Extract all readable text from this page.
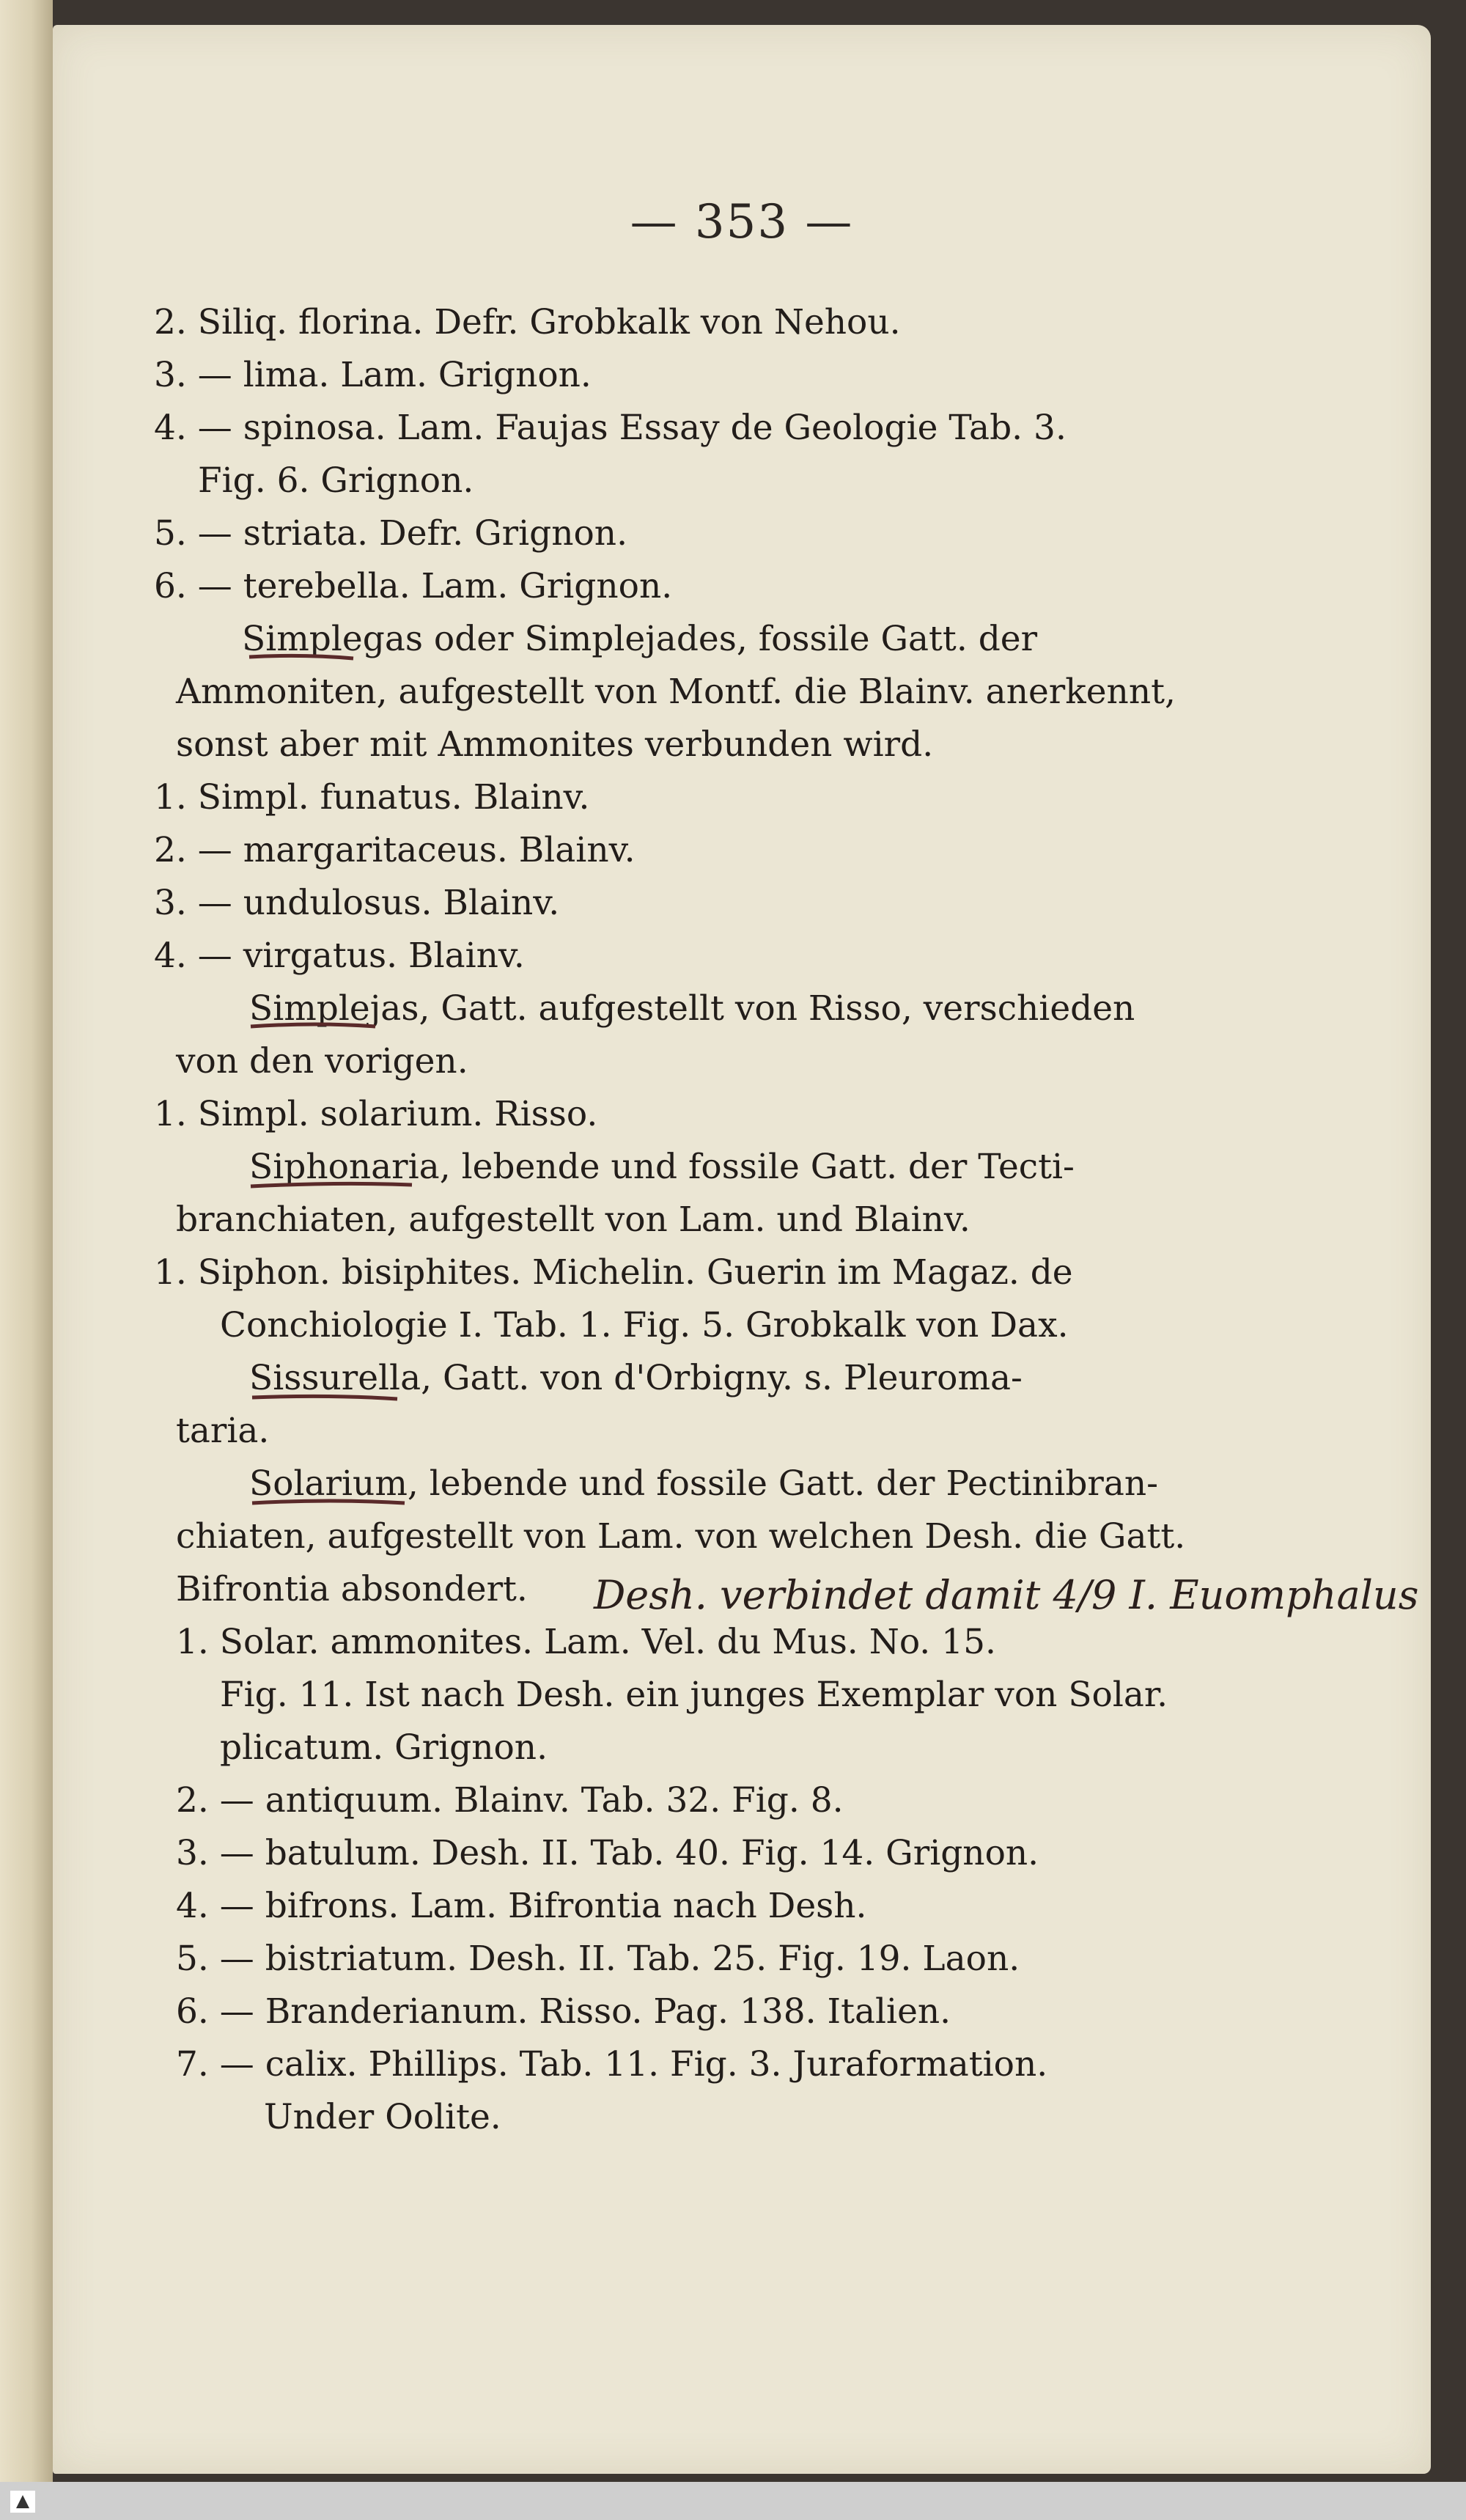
— 353 —
2. Siliq. florina. Defr. Grobkalk von Nehou.
3. — lima. Lam. Grignon.
4. — spinosa. Lam. Faujas Essay de Geologie Tab. 3.
Fig. 6. Grignon.
5. — striata. Defr. Grignon.
6. — terebella. Lam. Grignon.
Simplegas oder Simplejades, fossile Gatt. der
Ammoniten, aufgestellt von Montf. die Blainv. anerkennt,
sonst aber mit Ammonites verbunden wird.
1. Simpl. funatus. Blainv.
2. — margaritaceus. Blainv.
3. — undulosus. Blainv.
4. — virgatus. Blainv.
Simplejas, Gatt. aufgestellt von Risso, verschieden
von den vorigen.
1. Simpl. solarium. Risso.
Siphonaria, lebende und fossile Gatt. der Tecti-
branchiaten, aufgestellt von Lam. und Blainv.
1. Siphon. bisiphites. Michelin. Guerin im Magaz. de
Conchiologie I. Tab. 1. Fig. 5. Grobkalk von Dax.
Sissurella, Gatt. von d'Orbigny. s. Pleuroma-
taria.
Solarium, lebende und fossile Gatt. der Pectinibran-
chiaten, aufgestellt von Lam. von welchen Desh. die Gatt.
Bifrontia absondert.
1. Solar. ammonites. Lam. Vel. du Mus. No. 15.
Fig. 11. Ist nach Desh. ein junges Exemplar von Solar.
plicatum. Grignon.
2. — antiquum. Blainv. Tab. 32. Fig. 8.
3. — batulum. Desh. II. Tab. 40. Fig. 14. Grignon.
4. — bifrons. Lam. Bifrontia nach Desh.
5. — bistriatum. Desh. II. Tab. 25. Fig. 19. Laon.
6. — Branderianum. Risso. Pag. 138. Italien.
7. — calix. Phillips. Tab. 11. Fig. 3. Juraformation.
Under Oolite.
Desh. verbindet damit 4/9 I. Euomphalus
